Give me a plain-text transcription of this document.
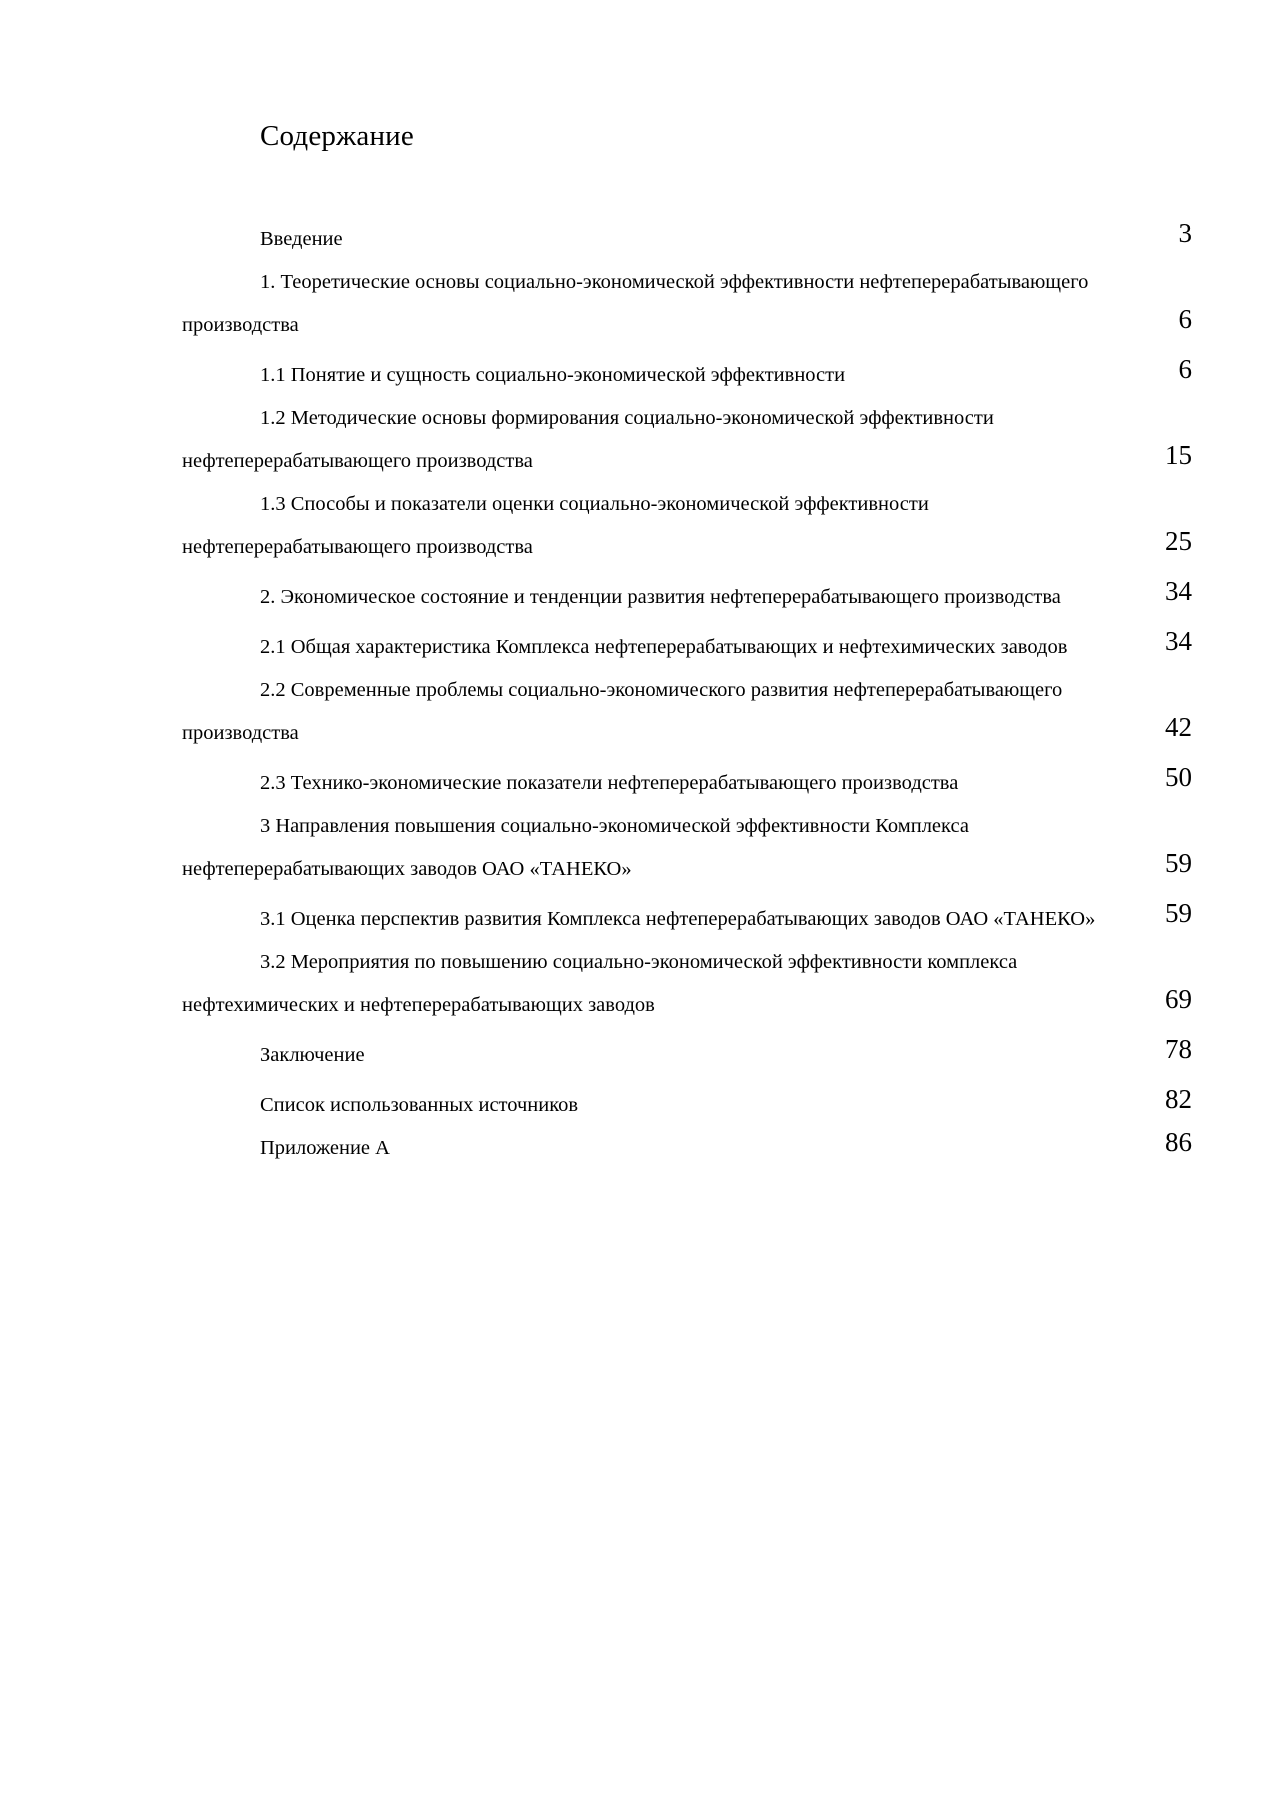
Содержание
Введение	3
1. Теоретические основы социально-экономической эффективности нефтеперерабатывающего производства	6
1.1 Понятие и сущность социально-экономической эффективности	6
1.2 Методические основы формирования социально-экономической эффективности нефтеперерабатывающего производства	15
1.3 Способы и показатели оценки социально-экономической эффективности нефтеперерабатывающего производства	25
2. Экономическое состояние и тенденции развития нефтеперерабатывающего производства	34
2.1 Общая характеристика Комплекса нефтеперерабатывающих и нефтехимических заводов	34
2.2 Современные проблемы социально-экономического развития нефтеперерабатывающего производства	42
2.3 Технико-экономические показатели нефтеперерабатывающего производства	50
3 Направления повышения социально-экономической эффективности Комплекса нефтеперерабатывающих заводов ОАО «ТАНЕКО»	59
3.1 Оценка перспектив развития Комплекса нефтеперерабатывающих заводов ОАО «ТАНЕКО»	59
3.2 Мероприятия по повышению социально-экономической эффективности комплекса нефтехимических и нефтеперерабатывающих заводов	69
Заключение	78
Список использованных источников	82
Приложение А	86
